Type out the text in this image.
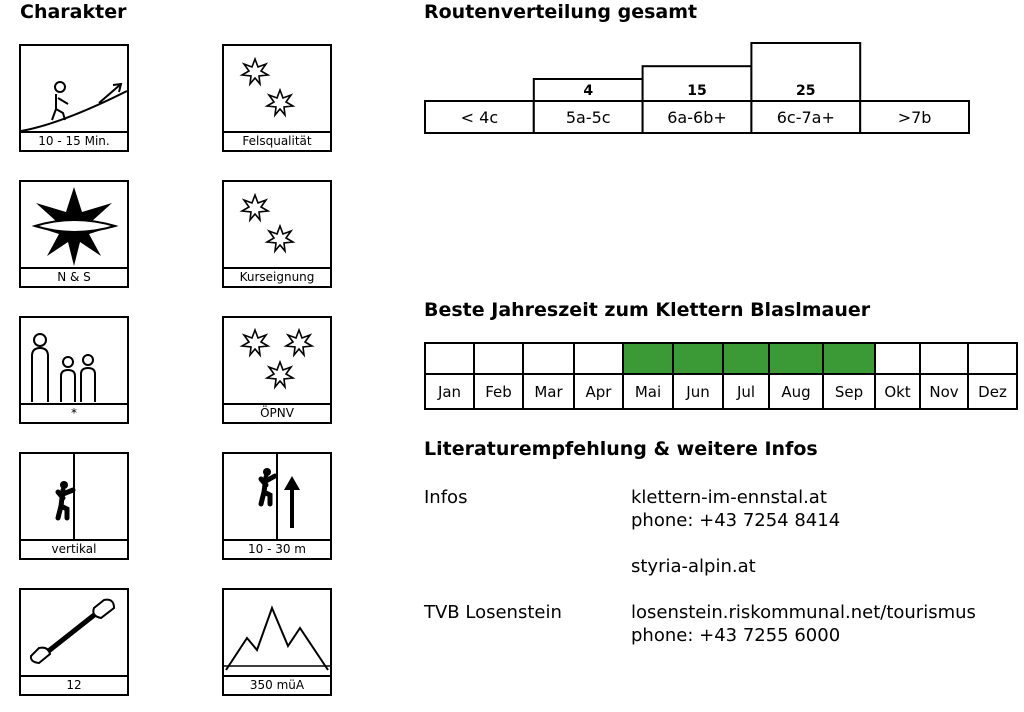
Charakter
10 - 15 Min.	Felsqualität
N & S	Kurseignung
*	ÖPNV
vertikal	10 - 30 m
12	350 müA
Routenverteilung gesamt
< 4c	5a-5c
4
6a-6b+
15
6c-7a+
25
>7b
Beste Jahreszeit zum Klettern Blaslmauer

Jan	Feb	Mar	Apr	Mai	Jun	Jul	Aug	Sep	Okt	Nov	Dez
Literaturempfehlung & weitere Infos
Infos	klettern-im-ennstal.at
phone: +43 7254 8414
styria-alpin.at
TVB Losenstein	losenstein.riskommunal.net/tourismus
phone: +43 7255 6000
